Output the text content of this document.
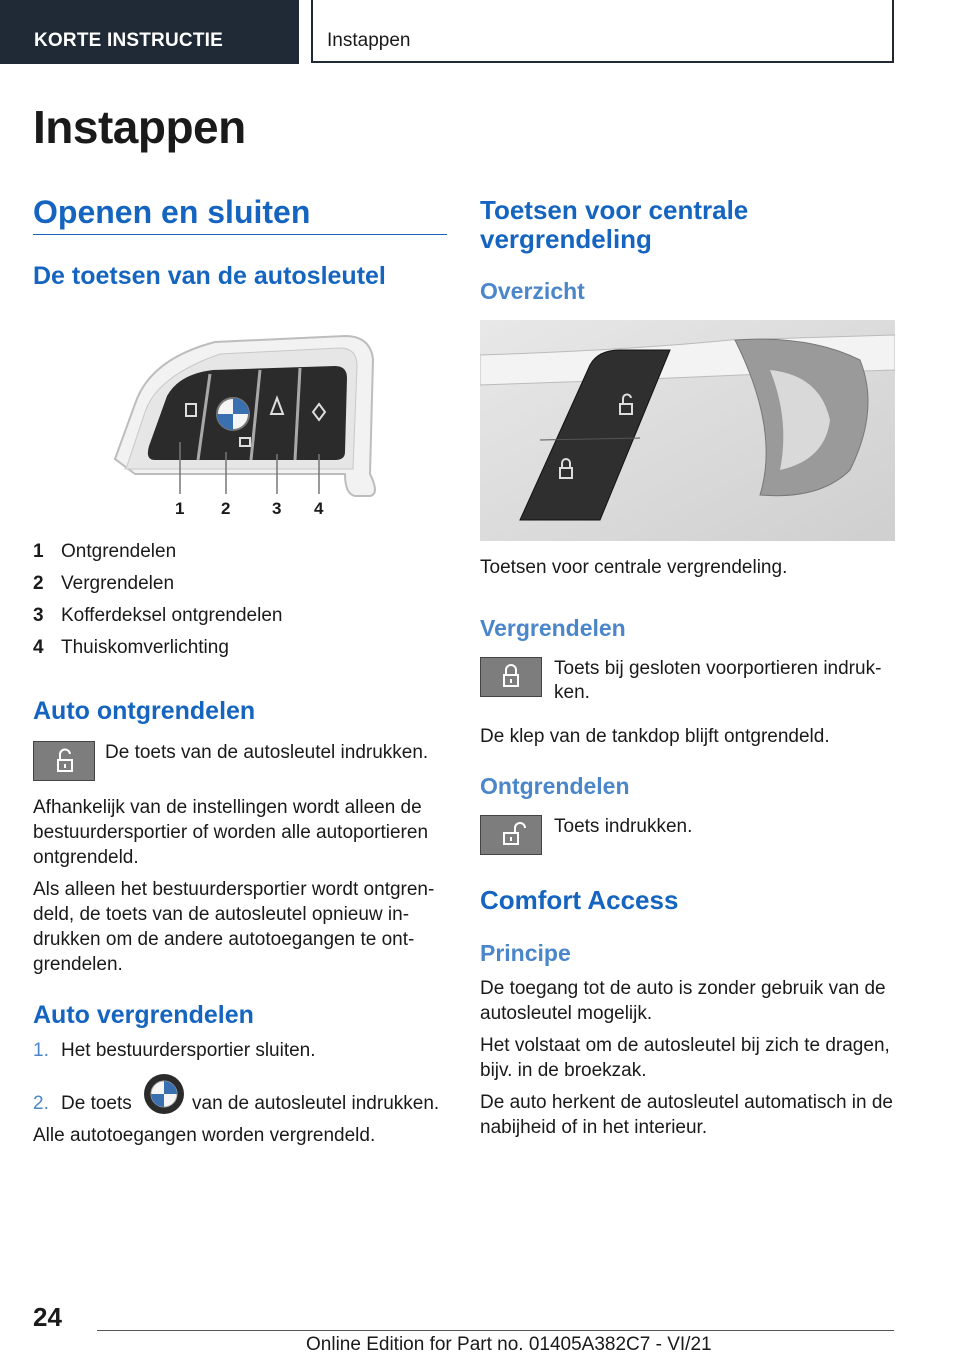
KORTE INSTRUCTIE	Instappen
Instappen
Openen en sluiten
De toetsen van de autosleutel
1 2 3 4
1 Ontgrendelen
2 Vergrendelen
3 Kofferdeksel ontgrendelen
4 Thuiskomverlichting
Auto ontgrendelen
De toets van de autosleutel indrukken.
Afhankelijk van de instellingen wordt alleen de
bestuurdersportier of worden alle autoportieren
ontgrendeld.
Als alleen het bestuurdersportier wordt ontgren-
deld, de toets van de autosleutel opnieuw in-
drukken om de andere autotoegangen te ont-
grendelen.
Auto vergrendelen
1. Het bestuurdersportier sluiten.
2. De toets	van de autosleutel indrukken.
Alle autotoegangen worden vergrendeld.
Toetsen voor centrale
vergrendeling
Overzicht
Toetsen voor centrale vergrendeling.
Vergrendelen
Toets bij gesloten voorportieren indruk-
ken.
De klep van de tankdop blijft ontgrendeld.
Ontgrendelen
Toets indrukken.
Comfort Access
Principe
De toegang tot de auto is zonder gebruik van de
autosleutel mogelijk.
Het volstaat om de autosleutel bij zich te dragen,
bijv. in de broekzak.
De auto herkent de autosleutel automatisch in de
nabijheid of in het interieur.
24
Online Edition for Part no. 01405A382C7 - VI/21
